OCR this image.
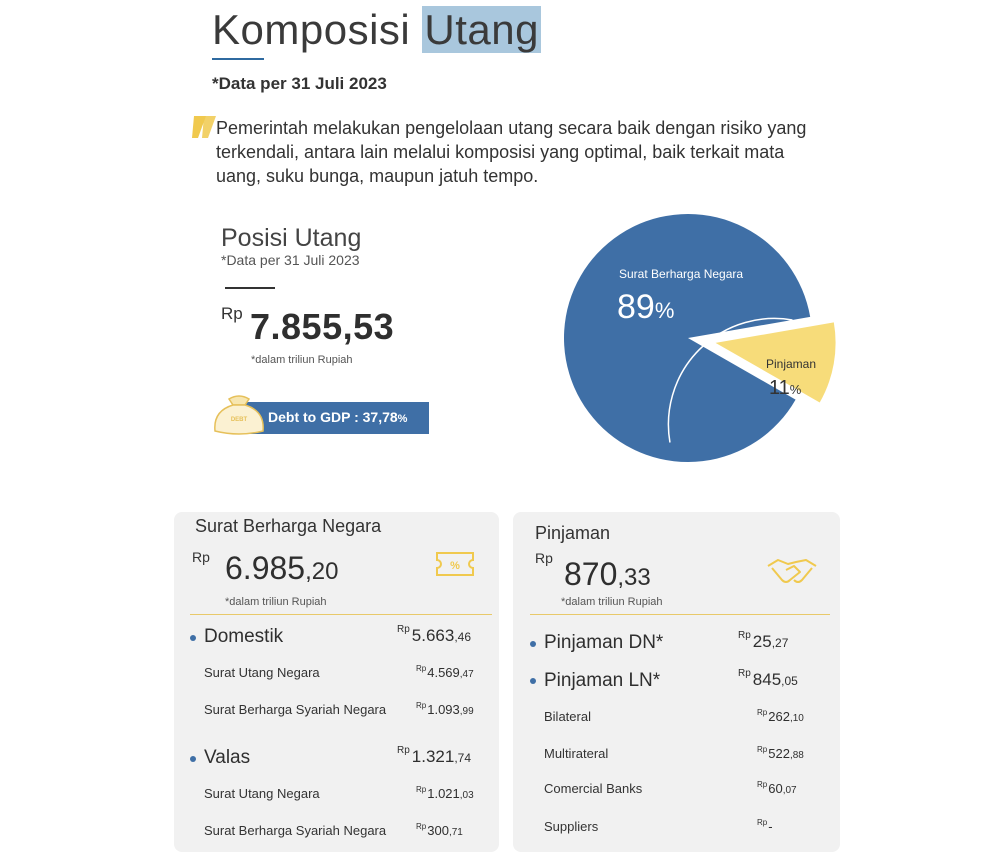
Komposisi Utang
*Data per 31 Juli 2023
Pemerintah melakukan pengelolaan utang secara baik dengan risiko yang terkendali, antara lain melalui komposisi yang optimal, baik terkait mata uang, suku bunga, maupun jatuh tempo.
Posisi Utang
*Data per 31 Juli 2023
Rp 7.855,53
*dalam triliun Rupiah
DEBT Debt to GDP : 37,78%
Surat Berharga Negara
89%
Pinjaman
11%
Surat Berharga Negara
Rp 6.985,20
*dalam triliun Rupiah
%
Domestik	$^{Rp}$ 5.663,46
Surat Utang Negara	$^{Rp}$4.569,47
Surat Berharga Syariah Negara	$^{Rp}$1.093,99
Valas	$^{Rp}$ 1.321,74
Surat Utang Negara	$^{Rp}$1.021,03
Surat Berharga Syariah Negara	$^{Rp}$300,71
Pinjaman
Rp 870,33
*dalam triliun Rupiah
Pinjaman DN*	$^{Rp}$ 25,27
Pinjaman LN*	$^{Rp}$ 845,05
Bilateral	$^{Rp}$262,10
Multirateral	$^{Rp}$522,88
Comercial Banks	$^{Rp}$60,07
Suppliers	$^{Rp}$-
